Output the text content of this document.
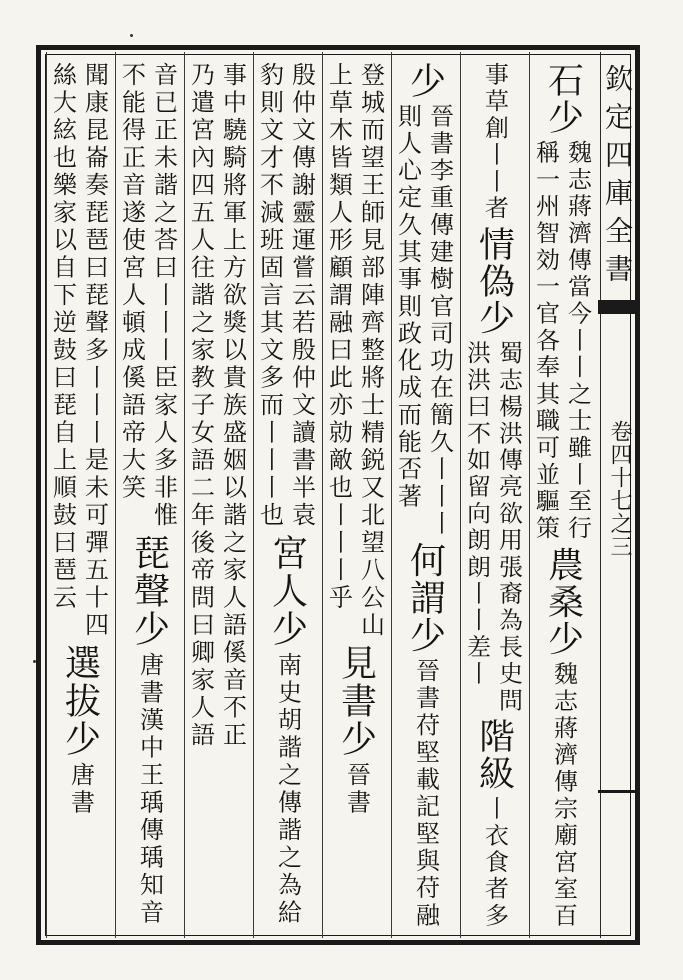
欽定四庫全書
卷四十七之三
石少
魏志蔣濟傳當今丨丨之士雖丨至行
稱一州智効一官各奉其職可並驅策
農桑少
魏志蔣濟傳宗廟宮室百
事草創丨丨者
情偽少
蜀志楊洪傳亮欲用張裔為長史問
洪洪曰不如留向朗朗丨丨差丨
階級
丨衣食者多
少
晉書李重傳建樹官司功在簡久丨丨丨
則人心定久其事則政化成而能否著
何謂少
晉書苻堅載記堅與苻融
登城而望王師見部陣齊整將士精鋭又北望八公山
上草木皆類人形顧謂融曰此亦勍敵也丨丨丨乎
見書少
晉書
殷仲文傳謝靈運嘗云若殷仲文讀書半袁
豹則文才不減班固言其文多而丨丨丨也
宮人少
南史胡諧之傳諧之為給
事中驍騎將軍上方欲獎以貴族盛姻以諧之家人語傒音不正
乃遣宮內四五人往諧之家教子女語二年後帝問曰卿家人語
音已正未諧之荅曰丨丨丨臣家人多非惟
不能得正音遂使宮人頓成傒語帝大笑
琵聲少
唐書漢中王瑀傳瑀知音
聞康昆崙奏琵琶曰琵聲多丨丨丨是未可彈五十四
絲大絃也樂家以自下逆鼓曰琵自上順鼓曰琶云
選拔少
唐書
